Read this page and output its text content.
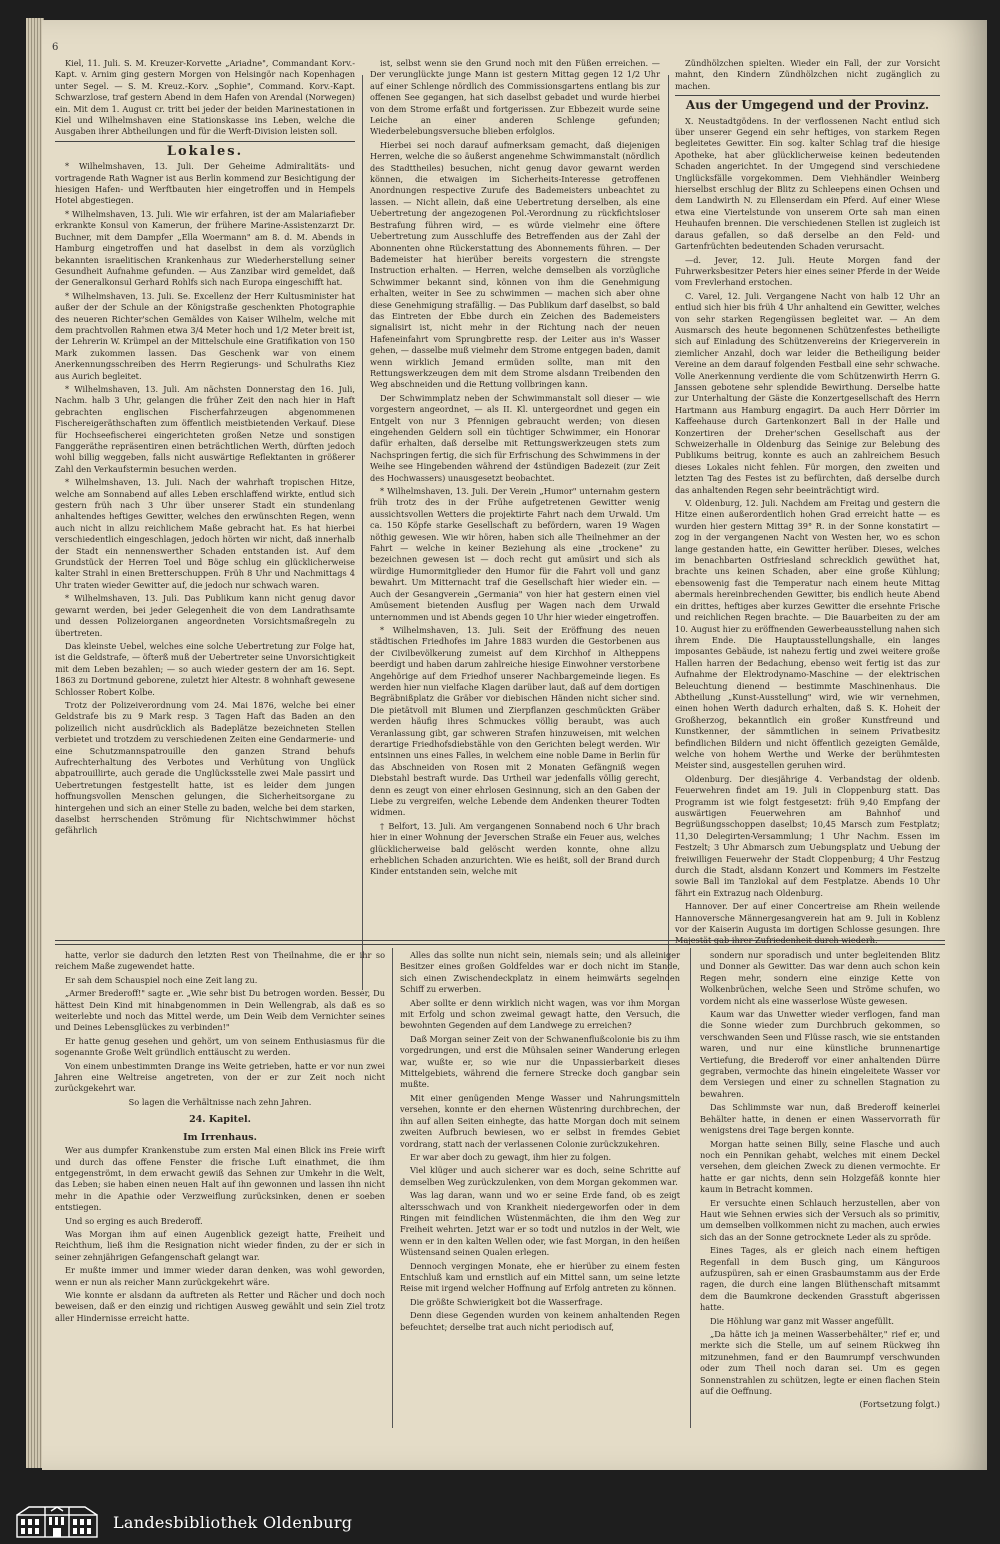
6

Kiel, 11. Juli. S. M. Kreuzer-Korvette „Ariadne", Commandant Korv.-Kapt. v. Arnim ging gestern Morgen von Helsingör nach Kopenhagen unter Segel. — S. M. Kreuz.-Korv. „Sophie", Command. Korv.-Kapt. Schwarzlose, traf gestern Abend in dem Hafen von Arendal (Norwegen) ein. Mit dem 1. August cr. tritt bei jeder der beiden Marinestationen in Kiel und Wilhelmshaven eine Stationskasse ins Leben, welche die Ausgaben ihrer Abtheilungen und für die Werft-Division leisten soll.

Lokales.

* Wilhelmshaven, 13. Juli. Der Geheime Admiralitäts- und vortragende Rath Wagner ist aus Berlin kommend zur Besichtigung der hiesigen Hafen- und Werftbauten hier eingetroffen und in Hempels Hotel abgestiegen.

* Wilhelmshaven, 13. Juli. Wie wir erfahren, ist der am Malariafieber erkrankte Konsul von Kamerun, der frühere Marine-Assistenzarzt Dr. Buchner, mit dem Dampfer „Ella Woermann" am 8. d. M. Abends in Hamburg eingetroffen und hat daselbst in dem als vorzüglich bekannten israelitischen Krankenhaus zur Wiederherstellung seiner Gesundheit Aufnahme gefunden. — Aus Zanzibar wird gemeldet, daß der Generalkonsul Gerhard Rohlfs sich nach Europa eingeschifft hat.

* Wilhelmshaven, 13. Juli. Se. Excellenz der Herr Kultusminister hat außer der der Schule an der Königstraße geschenkten Photographie des neueren Richter'schen Gemäldes von Kaiser Wilhelm, welche mit dem prachtvollen Rahmen etwa 3/4 Meter hoch und 1/2 Meter breit ist, der Lehrerin W. Krümpel an der Mittelschule eine Gratifikation von 150 Mark zukommen lassen. Das Geschenk war von einem Anerkennungsschreiben des Herrn Regierungs- und Schulraths Kiez aus Aurich begleitet.

* Wilhelmshaven, 13. Juli. Am nächsten Donnerstag den 16. Juli, Nachm. halb 3 Uhr, gelangen die früher Zeit den nach hier in Haft gebrachten englischen Fischerfahrzeugen abgenommenen Fischereigeräthschaften zum öffentlich meistbietenden Verkauf. Diese für Hochseefischerei eingerichteten großen Netze und sonstigen Fanggeräthe repräsentiren einen beträchtlichen Werth, dürften jedoch wohl billig weggeben, falls nicht auswärtige Reflektanten in größerer Zahl den Verkaufstermin besuchen werden.

* Wilhelmshaven, 13. Juli. Nach der wahrhaft tropischen Hitze, welche am Sonnabend auf alles Leben erschlaffend wirkte, entlud sich gestern früh nach 3 Uhr über unserer Stadt ein stundenlang anhaltendes heftiges Gewitter, welches den erwünschten Regen, wenn auch nicht in allzu reichlichem Maße gebracht hat. Es hat hierbei verschiedentlich eingeschlagen, jedoch hörten wir nicht, daß innerhalb der Stadt ein nennenswerther Schaden entstanden ist. Auf dem Grundstück der Herren Toel und Böge schlug ein glücklicherweise kalter Strahl in einen Bretterschuppen. Früh 8 Uhr und Nachmittags 4 Uhr traten wieder Gewitter auf, die jedoch nur schwach waren.

* Wilhelmshaven, 13. Juli. Das Publikum kann nicht genug davor gewarnt werden, bei jeder Gelegenheit die von dem Landrathsamte und dessen Polizeiorganen angeordneten Vorsichtsmaßregeln zu übertreten.

Das kleinste Uebel, welches eine solche Uebertretung zur Folge hat, ist die Geldstrafe, — öfterß muß der Uebertreter seine Unvorsichtigkeit mit dem Leben bezahlen; — so auch wieder gestern der am 16. Sept. 1863 zu Dortmund geborene, zuletzt hier Altestr. 8 wohnhaft gewesene Schlosser Robert Kolbe.

Trotz der Polizeiverordnung vom 24. Mai 1876, welche bei einer Geldstrafe bis zu 9 Mark resp. 3 Tagen Haft das Baden an den polizeilich nicht ausdrücklich als Badeplätze bezeichneten Stellen verbietet und trotzdem zu verschiedenen Zeiten eine Gendarmerie- und eine Schutzmannspatrouille den ganzen Strand behufs Aufrechterhaltung des Verbotes und Verhütung von Unglück abpatrouillirte, auch gerade die Unglücksstelle zwei Male passirt und Uebertretungen festgestellt hatte, ist es leider dem jungen hoffnungsvollen Menschen gelungen, die Sicherheitsorgane zu hintergehen und sich an einer Stelle zu baden, welche bei dem starken, daselbst herrschenden Strömung für Nichtschwimmer höchst gefährlich

ist, selbst wenn sie den Grund noch mit den Füßen erreichen. — Der verunglückte junge Mann ist gestern Mittag gegen 12 1/2 Uhr auf einer Schlenge nördlich des Commissionsgartens entlang bis zur offenen See gegangen, hat sich daselbst gebadet und wurde hierbei von dem Strome erfaßt und fortgerissen. Zur Ebbezeit wurde seine Leiche an einer anderen Schlenge gefunden; Wiederbelebungsversuche blieben erfolglos.

Hierbei sei noch darauf aufmerksam gemacht, daß diejenigen Herren, welche die so äußerst angenehme Schwimmanstalt (nördlich des Stadttheiles) besuchen, nicht genug davor gewarnt werden können, die etwaigen im Sicherheits-Interesse getroffenen Anordnungen respective Zurufe des Bademeisters unbeachtet zu lassen. — Nicht allein, daß eine Uebertretung derselben, als eine Uebertretung der angezogenen Pol.-Verordnung zu rückfichtsloser Bestrafung führen wird, — es würde vielmehr eine öftere Uebertretung zum Ausschluffe des Betreffenden aus der Zahl der Abonnenten ohne Rückerstattung des Abonnements führen. — Der Bademeister hat hierüber bereits vorgestern die strengste Instruction erhalten. — Herren, welche demselben als vorzügliche Schwimmer bekannt sind, können von ihm die Genehmigung erhalten, weiter in See zu schwimmen — machen sich aber ohne diese Genehmigung strafällig. — Das Publikum darf daselbst, so bald das Eintreten der Ebbe durch ein Zeichen des Bademeisters signalisirt ist, nicht mehr in der Richtung nach der neuen Hafeneinfahrt vom Sprungbrette resp. der Leiter aus in's Wasser gehen, — dasselbe muß vielmehr dem Strome entgegen baden, damit wenn wirklich Jemand ermüden sollte, man mit den Rettungswerkzeugen dem mit dem Strome alsdann Treibenden den Weg abschneiden und die Rettung vollbringen kann.

Der Schwimmplatz neben der Schwimmanstalt soll dieser — wie vorgestern angeordnet, — als II. Kl. untergeordnet und gegen ein Entgelt von nur 3 Pfennigen gebraucht werden; von diesen eingehenden Geldern soll ein tüchtiger Schwimmer, ein Honorar dafür erhalten, daß derselbe mit Rettungswerkzeugen stets zum Nachspringen fertig, die sich für Erfrischung des Schwimmens in der Weihe see Hingebenden während der 4stündigen Badezeit (zur Zeit des Hochwassers) unausgesetzt beobachtet.

* Wilhelmshaven, 13. Juli. Der Verein „Humor" unternahm gestern früh trotz des in der Frühe aufgetretenen Gewitter wenig aussichtsvollen Wetters die projektirte Fahrt nach dem Urwald. Um ca. 150 Köpfe starke Gesellschaft zu befördern, waren 19 Wagen nöthig gewesen. Wie wir hören, haben sich alle Theilnehmer an der Fahrt — welche in keiner Beziehung als eine „trockene" zu bezeichnen gewesen ist — doch recht gut amüsirt und sich als würdige Humormitglieder den Humor für die Fahrt voll und ganz bewahrt. Um Mitternacht traf die Gesellschaft hier wieder ein. — Auch der Gesangverein „Germania" von hier hat gestern einen viel Amüsement bietenden Ausflug per Wagen nach dem Urwald unternommen und ist Abends gegen 10 Uhr hier wieder eingetroffen.

* Wilhelmshaven, 13. Juli. Seit der Eröffnung des neuen städtischen Friedhofes im Jahre 1883 wurden die Gestorbenen aus der Civilbevölkerung zumeist auf dem Kirchhof in Altheppens beerdigt und haben darum zahlreiche hiesige Einwohner verstorbene Angehörige auf dem Friedhof unserer Nachbargemeinde liegen. Es werden hier nun vielfache Klagen darüber laut, daß auf dem dortigen Begräbnißplatz die Gräber vor diebischen Händen nicht sicher sind. Die pietätvoll mit Blumen und Zierpflanzen geschmückten Gräber werden häufig ihres Schmuckes völlig beraubt, was auch Veranlassung gibt, gar schweren Strafen hinzuweisen, mit welchen derartige Friedhofsdiebstähle von den Gerichten belegt werden. Wir entsinnen uns eines Falles, in welchem eine noble Dame in Berlin für das Abschneiden von Rosen mit 2 Monaten Gefängniß wegen Diebstahl bestraft wurde. Das Urtheil war jedenfalls völlig gerecht, denn es zeugt von einer ehrlosen Gesinnung, sich an den Gaben der Liebe zu vergreifen, welche Lebende dem Andenken theurer Todten widmen.

† Belfort, 13. Juli. Am vergangenen Sonnabend noch 6 Uhr brach hier in einer Wohnung der Jeverschen Straße ein Feuer aus, welches glücklicherweise bald gelöscht werden konnte, ohne allzu erheblichen Schaden anzurichten. Wie es heißt, soll der Brand durch Kinder entstanden sein, welche mit

Zündhölzchen spielten. Wieder ein Fall, der zur Vorsicht mahnt, den Kindern Zündhölzchen nicht zugänglich zu machen.

Aus der Umgegend und der Provinz.

X. Neustadtgödens. In der verflossenen Nacht entlud sich über unserer Gegend ein sehr heftiges, von starkem Regen begleitetes Gewitter. Ein sog. kalter Schlag traf die hiesige Apotheke, hat aber glücklicherweise keinen bedeutenden Schaden angerichtet. In der Umgegend sind verschiedene Unglücksfälle vorgekommen. Dem Viehhändler Weinberg hierselbst erschlug der Blitz zu Schleepens einen Ochsen und dem Landwirth N. zu Ellenserdam ein Pferd. Auf einer Wiese etwa eine Viertelstunde von unserem Orte sah man einen Heuhaufen brennen. Die verschiedenen Stellen ist zugleich ist daraus gefallen, so daß derselbe an den Feld- und Gartenfrüchten bedeutenden Schaden verursacht.

—d. Jever, 12. Juli. Heute Morgen fand der Fuhrwerksbesitzer Peters hier eines seiner Pferde in der Weide vom Frevlerhand erstochen.

C. Varel, 12. Juli. Vergangene Nacht von halb 12 Uhr an entlud sich hier bis früh 4 Uhr anhaltend ein Gewitter, welches von sehr starken Regengüssen begleitet war. — An dem Ausmarsch des heute begonnenen Schützenfestes betheiligte sich auf Einladung des Schützenvereins der Kriegerverein in ziemlicher Anzahl, doch war leider die Betheiligung beider Vereine an dem darauf folgenden Festball eine sehr schwache. Volle Anerkennung verdiente die vom Schützenwirth Herrn G. Janssen gebotene sehr splendide Bewirthung. Derselbe hatte zur Unterhaltung der Gäste die Konzertgesellschaft des Herrn Hartmann aus Hamburg engagirt. Da auch Herr Dörrier im Kaffeehause durch Gartenkonzert Ball in der Halle und Konzertiren der Dreher'schen Gesellschaft aus der Schweizerhalle in Oldenburg das Seinige zur Belebung des Publikums beitrug, konnte es auch an zahlreichem Besuch dieses Lokales nicht fehlen. Für morgen, den zweiten und letzten Tag des Festes ist zu befürchten, daß derselbe durch das anhaltenden Regen sehr beeinträchtigt wird.

V. Oldenburg, 12. Juli. Nachdem am Freitag und gestern die Hitze einen außerordentlich hohen Grad erreicht hatte — es wurden hier gestern Mittag 39° R. in der Sonne konstatirt — zog in der vergangenen Nacht von Westen her, wo es schon lange gestanden hatte, ein Gewitter herüber. Dieses, welches im benachbarten Ostfriesland schrecklich gewüthet hat, brachte uns keinen Schaden, aber eine große Kühlung; ebensowenig fast die Temperatur nach einem heute Mittag abermals hereinbrechenden Gewitter, bis endlich heute Abend ein drittes, heftiges aber kurzes Gewitter die ersehnte Frische und reichlichen Regen brachte. — Die Bauarbeiten zu der am 10. August hier zu eröffnenden Gewerbeausstellung nahen sich ihrem Ende. Die Hauptausstellungshalle, ein langes imposantes Gebäude, ist nahezu fertig und zwei weitere große Hallen harren der Bedachung, ebenso weit fertig ist das zur Aufnahme der Elektrodynamo-Maschine — der elektrischen Beleuchtung dienend — bestimmte Maschinenhaus. Die Abtheilung „Kunst-Ausstellung" wird, wie wir vernehmen, einen hohen Werth dadurch erhalten, daß S. K. Hoheit der Großherzog, bekanntlich ein großer Kunstfreund und Kunstkenner, der sämmtlichen in seinem Privatbesitz befindlichen Bildern und nicht öffentlich gezeigten Gemälde, welche von hohem Werthe und Werke der berühmtesten Meister sind, ausgestellen geruhen wird.

Oldenburg. Der diesjährige 4. Verbandstag der oldenb. Feuerwehren findet am 19. Juli in Cloppenburg statt. Das Programm ist wie folgt festgesetzt: früh 9,40 Empfang der auswärtigen Feuerwehren am Bahnhof und Begrüßungsschoppen daselbst; 10,45 Marsch zum Festplatz; 11,30 Delegirten-Versammlung; 1 Uhr Nachm. Essen im Festzelt; 3 Uhr Abmarsch zum Uebungsplatz und Uebung der freiwilligen Feuerwehr der Stadt Cloppenburg; 4 Uhr Festzug durch die Stadt, alsdann Konzert und Kommers im Festzelte sowie Ball im Tanzlokal auf dem Festplatze. Abends 10 Uhr fährt ein Extrazug nach Oldenburg.

Hannover. Der auf einer Concertreise am Rhein weilende Hannoversche Männergesangverein hat am 9. Juli in Koblenz vor der Kaiserin Augusta im dortigen Schlosse gesungen. Ihre Majestät gab ihrer Zufriedenheit durch wiederh.

hatte, verlor sie dadurch den letzten Rest von Theilnahme, die er ihr so reichem Maße zugewendet hatte.

Er sah dem Schauspiel noch eine Zeit lang zu.

„Armer Brederoff!" sagte er. „Wie sehr bist Du betrogen worden. Besser, Du hättest Dein Kind mit hinabgenommen in Dein Wellengrab, als daß es so weiterlebte und noch das Mittel werde, um Dein Weib dem Vernichter seines und Deines Lebensglückes zu verbinden!"

Er hatte genug gesehen und gehört, um von seinem Enthusiasmus für die sogenannte Große Welt gründlich enttäuscht zu werden.

Von einem unbestimmten Drange ins Weite getrieben, hatte er vor nun zwei Jahren eine Weltreise angetreten, von der er zur Zeit noch nicht zurückgekehrt war.

So lagen die Verhältnisse nach zehn Jahren.

24. Kapitel.
Im Irrenhaus.

Wer aus dumpfer Krankenstube zum ersten Mal einen Blick ins Freie wirft und durch das offene Fenster die frische Luft einathmet, die ihm entgegenströmt, in dem erwacht gewiß das Sehnen zur Umkehr in die Welt, das Leben; sie haben einen neuen Halt auf ihn gewonnen und lassen ihn nicht mehr in die Apathie oder Verzweiflung zurücksinken, denen er soeben entstiegen.

Und so erging es auch Brederoff.

Was Morgan ihm auf einen Augenblick gezeigt hatte, Freiheit und Reichthum, ließ ihm die Resignation nicht wieder finden, zu der er sich in seiner zehnjährigen Gefangenschaft gelangt war.

Er mußte immer und immer wieder daran denken, was wohl geworden, wenn er nun als reicher Mann zurückgekehrt wäre.

Wie konnte er alsdann da auftreten als Retter und Rächer und doch noch beweisen, daß er den einzig und richtigen Ausweg gewählt und sein Ziel trotz aller Hindernisse erreicht hatte.

Alles das sollte nun nicht sein, niemals sein; und als alleiniger Besitzer eines großen Goldfeldes war er doch nicht im Stande, sich einen Zwischendeckplatz in einem heimwärts segelnden Schiff zu erwerben.

Aber sollte er denn wirklich nicht wagen, was vor ihm Morgan mit Erfolg und schon zweimal gewagt hatte, den Versuch, die bewohnten Gegenden auf dem Landwege zu erreichen?

Daß Morgan seiner Zeit von der Schwanenflußcolonie bis zu ihm vorgedrungen, und erst die Mühsalen seiner Wanderung erlegen war, wußte er, so wie nur die Unpassierbarkeit dieses Mittelgebiets, während die fernere Strecke doch gangbar sein mußte.

Mit einer genügenden Menge Wasser und Nahrungsmitteln versehen, konnte er den ehernen Wüstenring durchbrechen, der ihn auf allen Seiten einhegte, das hatte Morgan doch mit seinem zweiten Aufbruch bewiesen, wo er selbst in fremdes Gebiet vordrang, statt nach der verlassenen Colonie zurückzukehren.

Er war aber doch zu gewagt, ihm hier zu folgen.

Viel klüger und auch sicherer war es doch, seine Schritte auf demselben Weg zurückzulenken, von dem Morgan gekommen war.

Was lag daran, wann und wo er seine Erde fand, ob es zeigt altersschwach und von Krankheit niedergeworfen oder in dem Ringen mit feindlichen Wüstenmächten, die ihm den Weg zur Freiheit wehrten. Jetzt war er so todt und nutzlos in der Welt, wie wenn er in den kalten Wellen oder, wie fast Morgan, in den heißen Wüstensand seinen Qualen erlegen.

Dennoch vergingen Monate, ehe er hierüber zu einem festen Entschluß kam und ernstlich auf ein Mittel sann, um seine letzte Reise mit irgend welcher Hoffnung auf Erfolg antreten zu können.

Die größte Schwierigkeit bot die Wasserfrage.

Denn diese Gegenden wurden von keinem anhaltenden Regen befeuchtet; derselbe trat auch nicht periodisch auf,

sondern nur sporadisch und unter begleitenden Blitz und Donner als Gewitter. Das war denn auch schon kein Regen mehr, sondern eine einzige Kette von Wolkenbrüchen, welche Seen und Ströme schufen, wo vordem nicht als eine wasserlose Wüste gewesen.

Kaum war das Unwetter wieder verflogen, fand man die Sonne wieder zum Durchbruch gekommen, so verschwanden Seen und Flüsse rasch, wie sie entstanden waren, und nur eine künstliche brunnenartige Vertiefung, die Brederoff vor einer anhaltenden Dürre gegraben, vermochte das hinein eingeleitete Wasser vor dem Versiegen und einer zu schnellen Stagnation zu bewahren.

Das Schlimmste war nun, daß Brederoff keinerlei Behälter hatte, in denen er einen Wasservorrath für wenigstens drei Tage bergen konnte.

Morgan hatte seinen Billy, seine Flasche und auch noch ein Pennikan gehabt, welches mit einem Deckel versehen, dem gleichen Zweck zu dienen vermochte. Er hatte er gar nichts, denn sein Holzgefäß konnte hier kaum in Betracht kommen.

Er versuchte einen Schlauch herzustellen, aber von Haut wie Sehnen erwies sich der Versuch als so primitiv, um demselben vollkommen nicht zu machen, auch erwies sich das an der Sonne getrocknete Leder als zu spröde.

Eines Tages, als er gleich nach einem heftigen Regenfall in dem Busch ging, um Känguroos aufzuspüren, sah er einen Grasbaumstamm aus der Erde ragen, die durch eine langen Blüthenschaft mitsammt dem die Baumkrone deckenden Grasstuft abgerissen hatte.

Die Höhlung war ganz mit Wasser angefüllt.

„Da hätte ich ja meinen Wasserbehälter," rief er, und merkte sich die Stelle, um auf seinem Rückweg ihn mitzunehmen, fand er den Baumrumpf verschwunden oder zum Theil noch daran sei. Um es gegen Sonnenstrahlen zu schützen, legte er einen flachen Stein auf die Oeffnung.

(Fortsetzung folgt.)

Landesbibliothek Oldenburg
